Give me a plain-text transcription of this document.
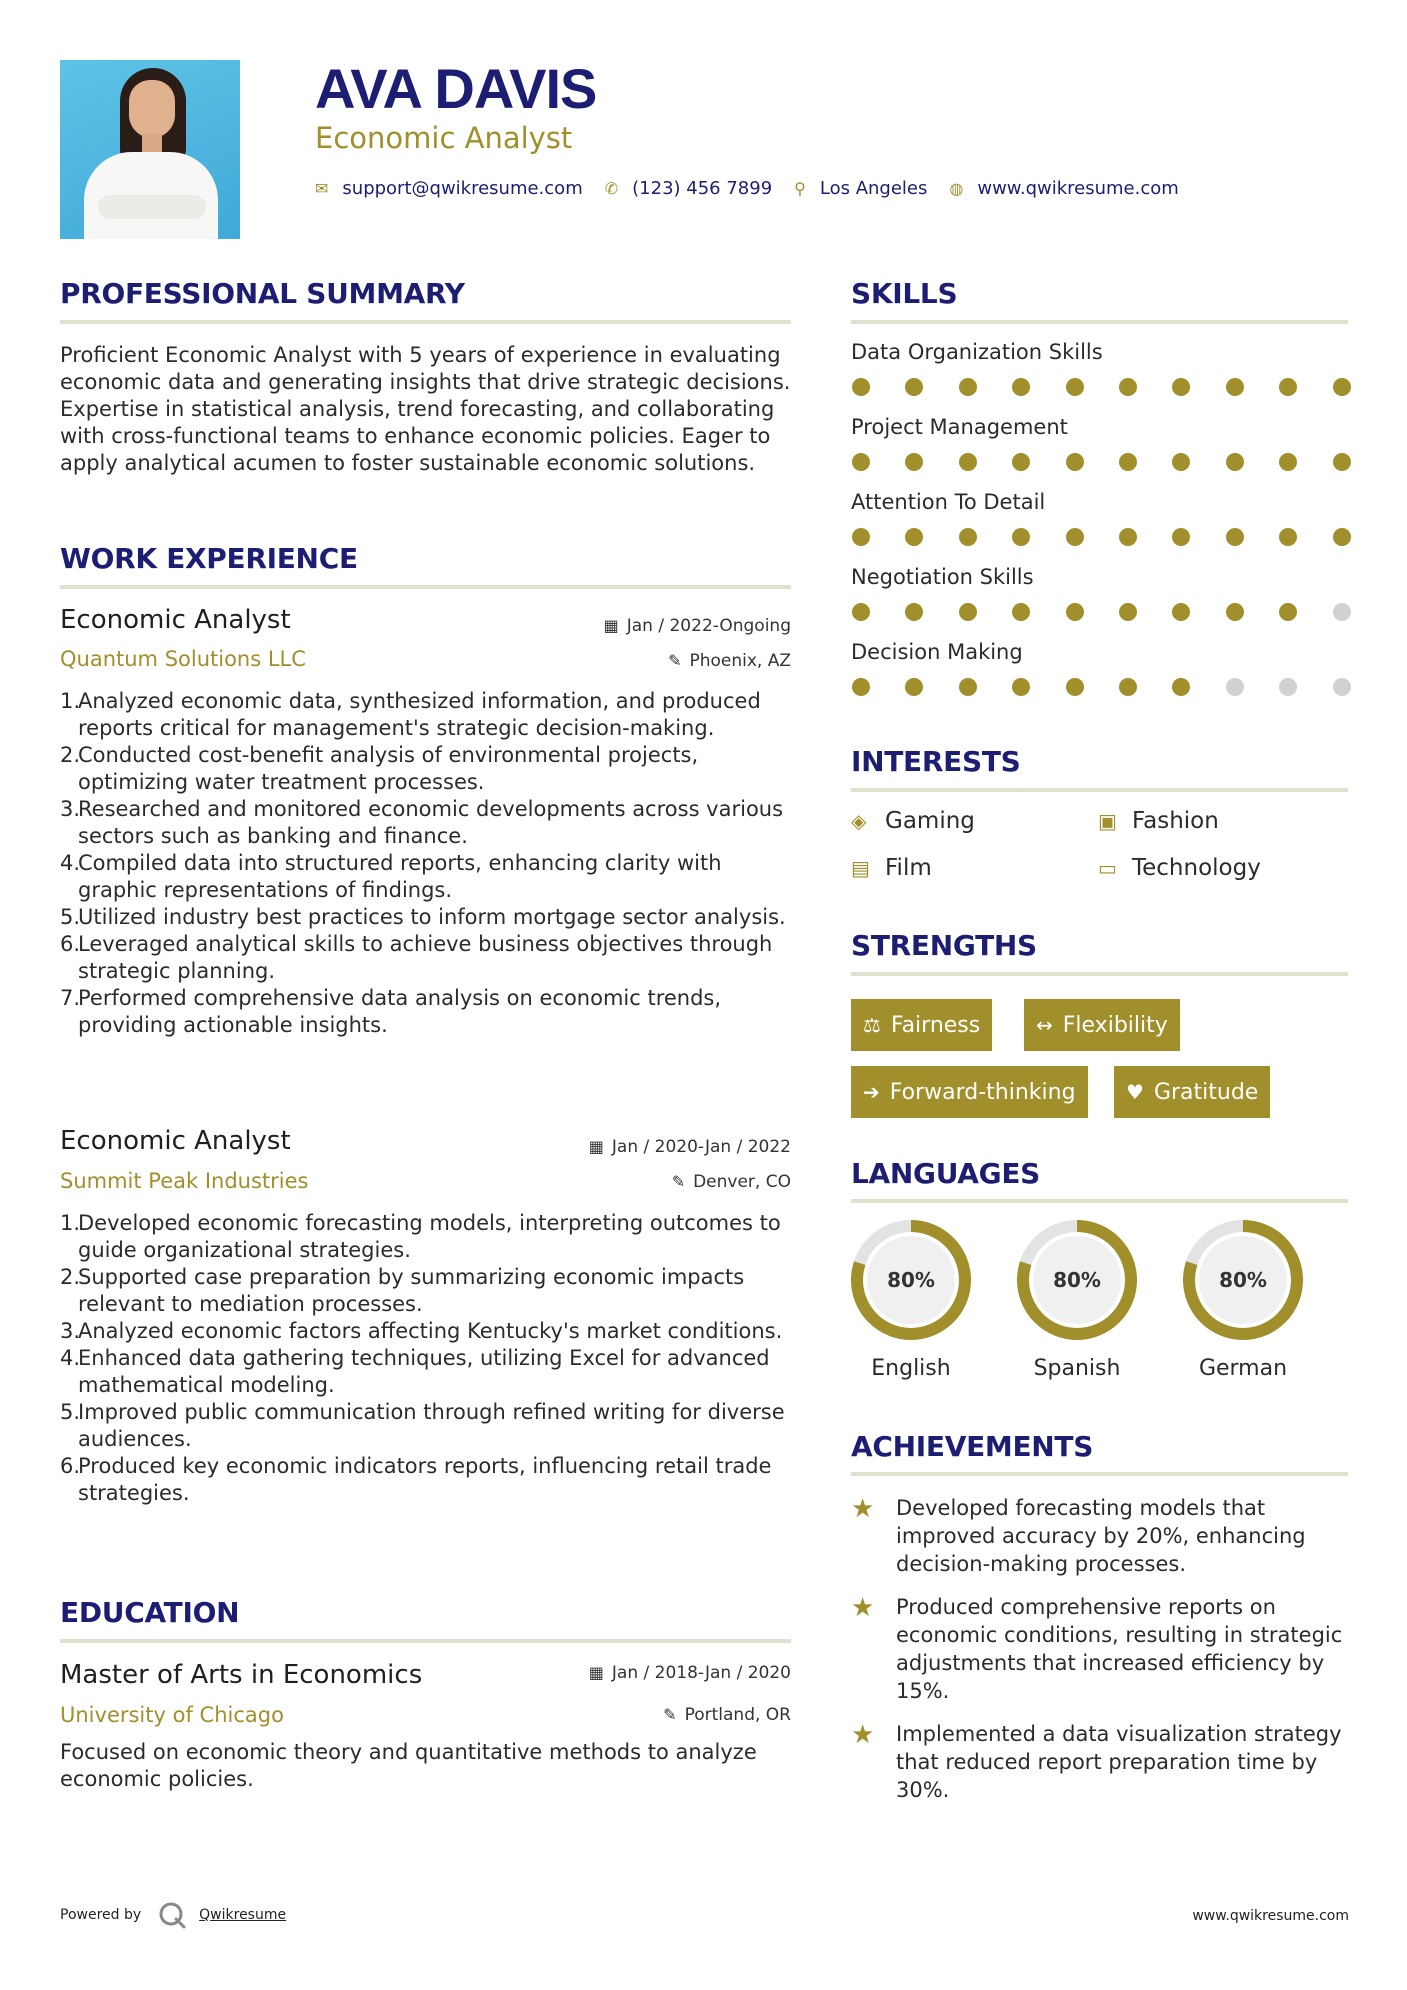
AVA DAVIS
Economic Analyst
✉ support@qwikresume.com ✆ (123) 456 7899 ⚲ Los Angeles ◍ www.qwikresume.com
PROFESSIONAL SUMMARY
Proficient Economic Analyst with 5 years of experience in evaluating economic data and generating insights that drive strategic decisions. Expertise in statistical analysis, trend forecasting, and collaborating with cross-functional teams to enhance economic policies. Eager to apply analytical acumen to foster sustainable economic solutions.
WORK EXPERIENCE
Economic Analyst
Quantum Solutions LLC
▦ Jan / 2022-Ongoing
✎ Phoenix, AZ
1.
Analyzed economic data, synthesized information, and produced reports critical for management's strategic decision-making.
2.
Conducted cost-benefit analysis of environmental projects, optimizing water treatment processes.
3.
Researched and monitored economic developments across various sectors such as banking and finance.
4.
Compiled data into structured reports, enhancing clarity with graphic representations of findings.
5.
Utilized industry best practices to inform mortgage sector analysis.
6.
Leveraged analytical skills to achieve business objectives through strategic planning.
7.
Performed comprehensive data analysis on economic trends, providing actionable insights.
Economic Analyst
Summit Peak Industries
▦ Jan / 2020-Jan / 2022
✎ Denver, CO
1.
Developed economic forecasting models, interpreting outcomes to guide organizational strategies.
2.
Supported case preparation by summarizing economic impacts relevant to mediation processes.
3.
Analyzed economic factors affecting Kentucky's market conditions.
4.
Enhanced data gathering techniques, utilizing Excel for advanced mathematical modeling.
5.
Improved public communication through refined writing for diverse audiences.
6.
Produced key economic indicators reports, influencing retail trade strategies.
EDUCATION
Master of Arts in Economics
University of Chicago
▦ Jan / 2018-Jan / 2020
✎ Portland, OR
Focused on economic theory and quantitative methods to analyze economic policies.
SKILLS
Data Organization Skills
Project Management
Attention To Detail
Negotiation Skills
Decision Making
INTERESTS
◈ Gaming	▣ Fashion
▤ Film	▭ Technology
STRENGTHS
⚖ Fairness	↔ Flexibility
➔ Forward-thinking	♥ Gratitude
LANGUAGES
80%
English
80%
Spanish
80%
German
ACHIEVEMENTS
★ Developed forecasting models that improved accuracy by 20%, enhancing decision-making processes.
★ Produced comprehensive reports on economic conditions, resulting in strategic adjustments that increased efficiency by 15%.
★ Implemented a data visualization strategy that reduced report preparation time by 30%.
Powered by	Qwikresume	www.qwikresume.com
